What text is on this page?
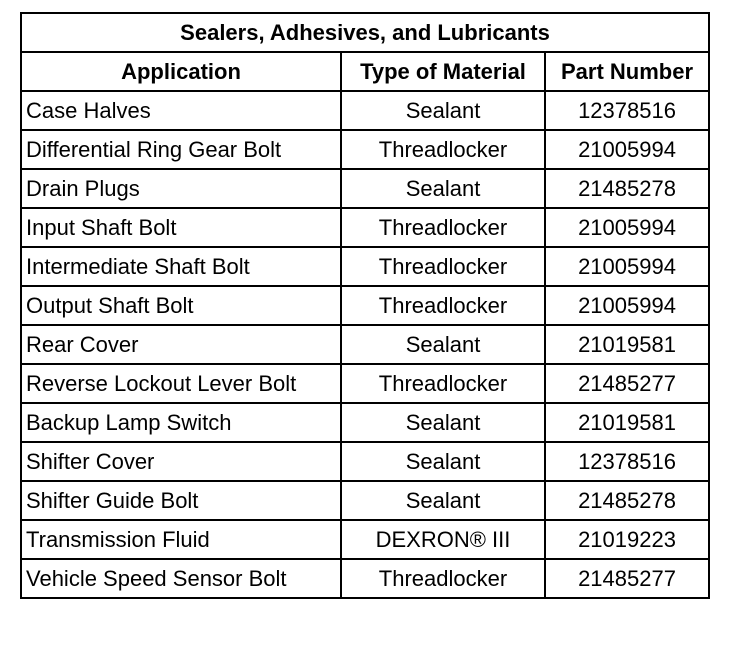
Sealers, Adhesives, and Lubricants		
Application	Type of Material	Part Number
Case Halves	Sealant	12378516
Differential Ring Gear Bolt	Threadlocker	21005994
Drain Plugs	Sealant	21485278
Input Shaft Bolt	Threadlocker	21005994
Intermediate Shaft Bolt	Threadlocker	21005994
Output Shaft Bolt	Threadlocker	21005994
Rear Cover	Sealant	21019581
Reverse Lockout Lever Bolt	Threadlocker	21485277
Backup Lamp Switch	Sealant	21019581
Shifter Cover	Sealant	12378516
Shifter Guide Bolt	Sealant	21485278
Transmission Fluid	DEXRON® III	21019223
Vehicle Speed Sensor Bolt	Threadlocker	21485277
